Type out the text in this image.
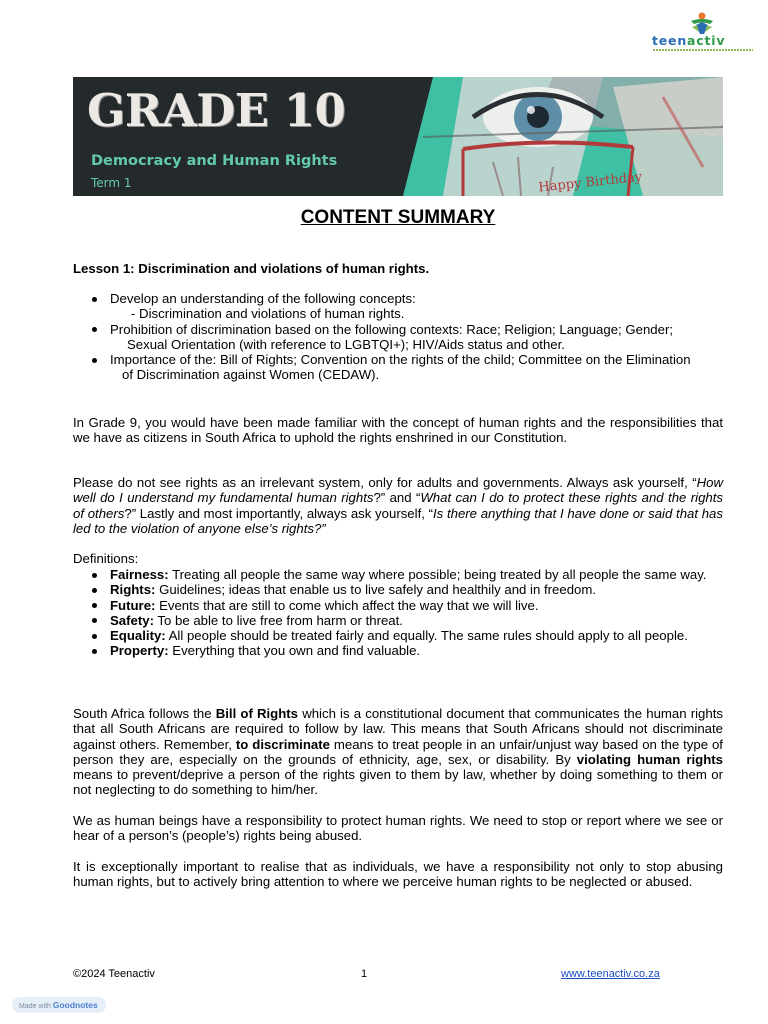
teenactiv
GRADE 10
Democracy and Human Rights
Term 1	Happy Birthday
CONTENT SUMMARY
Lesson 1: Discrimination and violations of human rights.
Develop an understanding of the following concepts:
- Discrimination and violations of human rights.
Prohibition of discrimination based on the following contexts: Race; Religion; Language; Gender;
Sexual Orientation (with reference to LGBTQI+); HIV/Aids status and other.
Importance of the: Bill of Rights; Convention on the rights of the child; Committee on the Elimination
of Discrimination against Women (CEDAW).

In Grade 9, you would have been made familiar with the concept of human rights and the responsibilities that we have as citizens in South Africa to uphold the rights enshrined in our Constitution.

Please do not see rights as an irrelevant system, only for adults and governments. Always ask yourself, “How well do I understand my fundamental human rights?” and “What can I do to protect these rights and the rights of others?” Lastly and most importantly, always ask yourself, “Is there anything that I have done or said that has led to the violation of anyone else’s rights?”

Definitions:
Fairness: Treating all people the same way where possible; being treated by all people the same way.
Rights: Guidelines; ideas that enable us to live safely and healthily and in freedom.
Future: Events that are still to come which affect the way that we will live.
Safety: To be able to live free from harm or threat.
Equality: All people should be treated fairly and equally. The same rules should apply to all people.
Property: Everything that you own and find valuable.

South Africa follows the Bill of Rights which is a constitutional document that communicates the human rights that all South Africans are required to follow by law. This means that South Africans should not discriminate against others. Remember, to discriminate means to treat people in an unfair/unjust way based on the type of person they are, especially on the grounds of ethnicity, age, sex, or disability. By violating human rights means to prevent/deprive a person of the rights given to them by law, whether by doing something to them or not neglecting to do something to him/her.

We as human beings have a responsibility to protect human rights. We need to stop or report where we see or hear of a person’s (people’s) rights being abused.

It is exceptionally important to realise that as individuals, we have a responsibility not only to stop abusing human rights, but to actively bring attention to where we perceive human rights to be neglected or abused.

©2024 Teenactiv	1	www.teenactiv.co.za
Made with Goodnotes
